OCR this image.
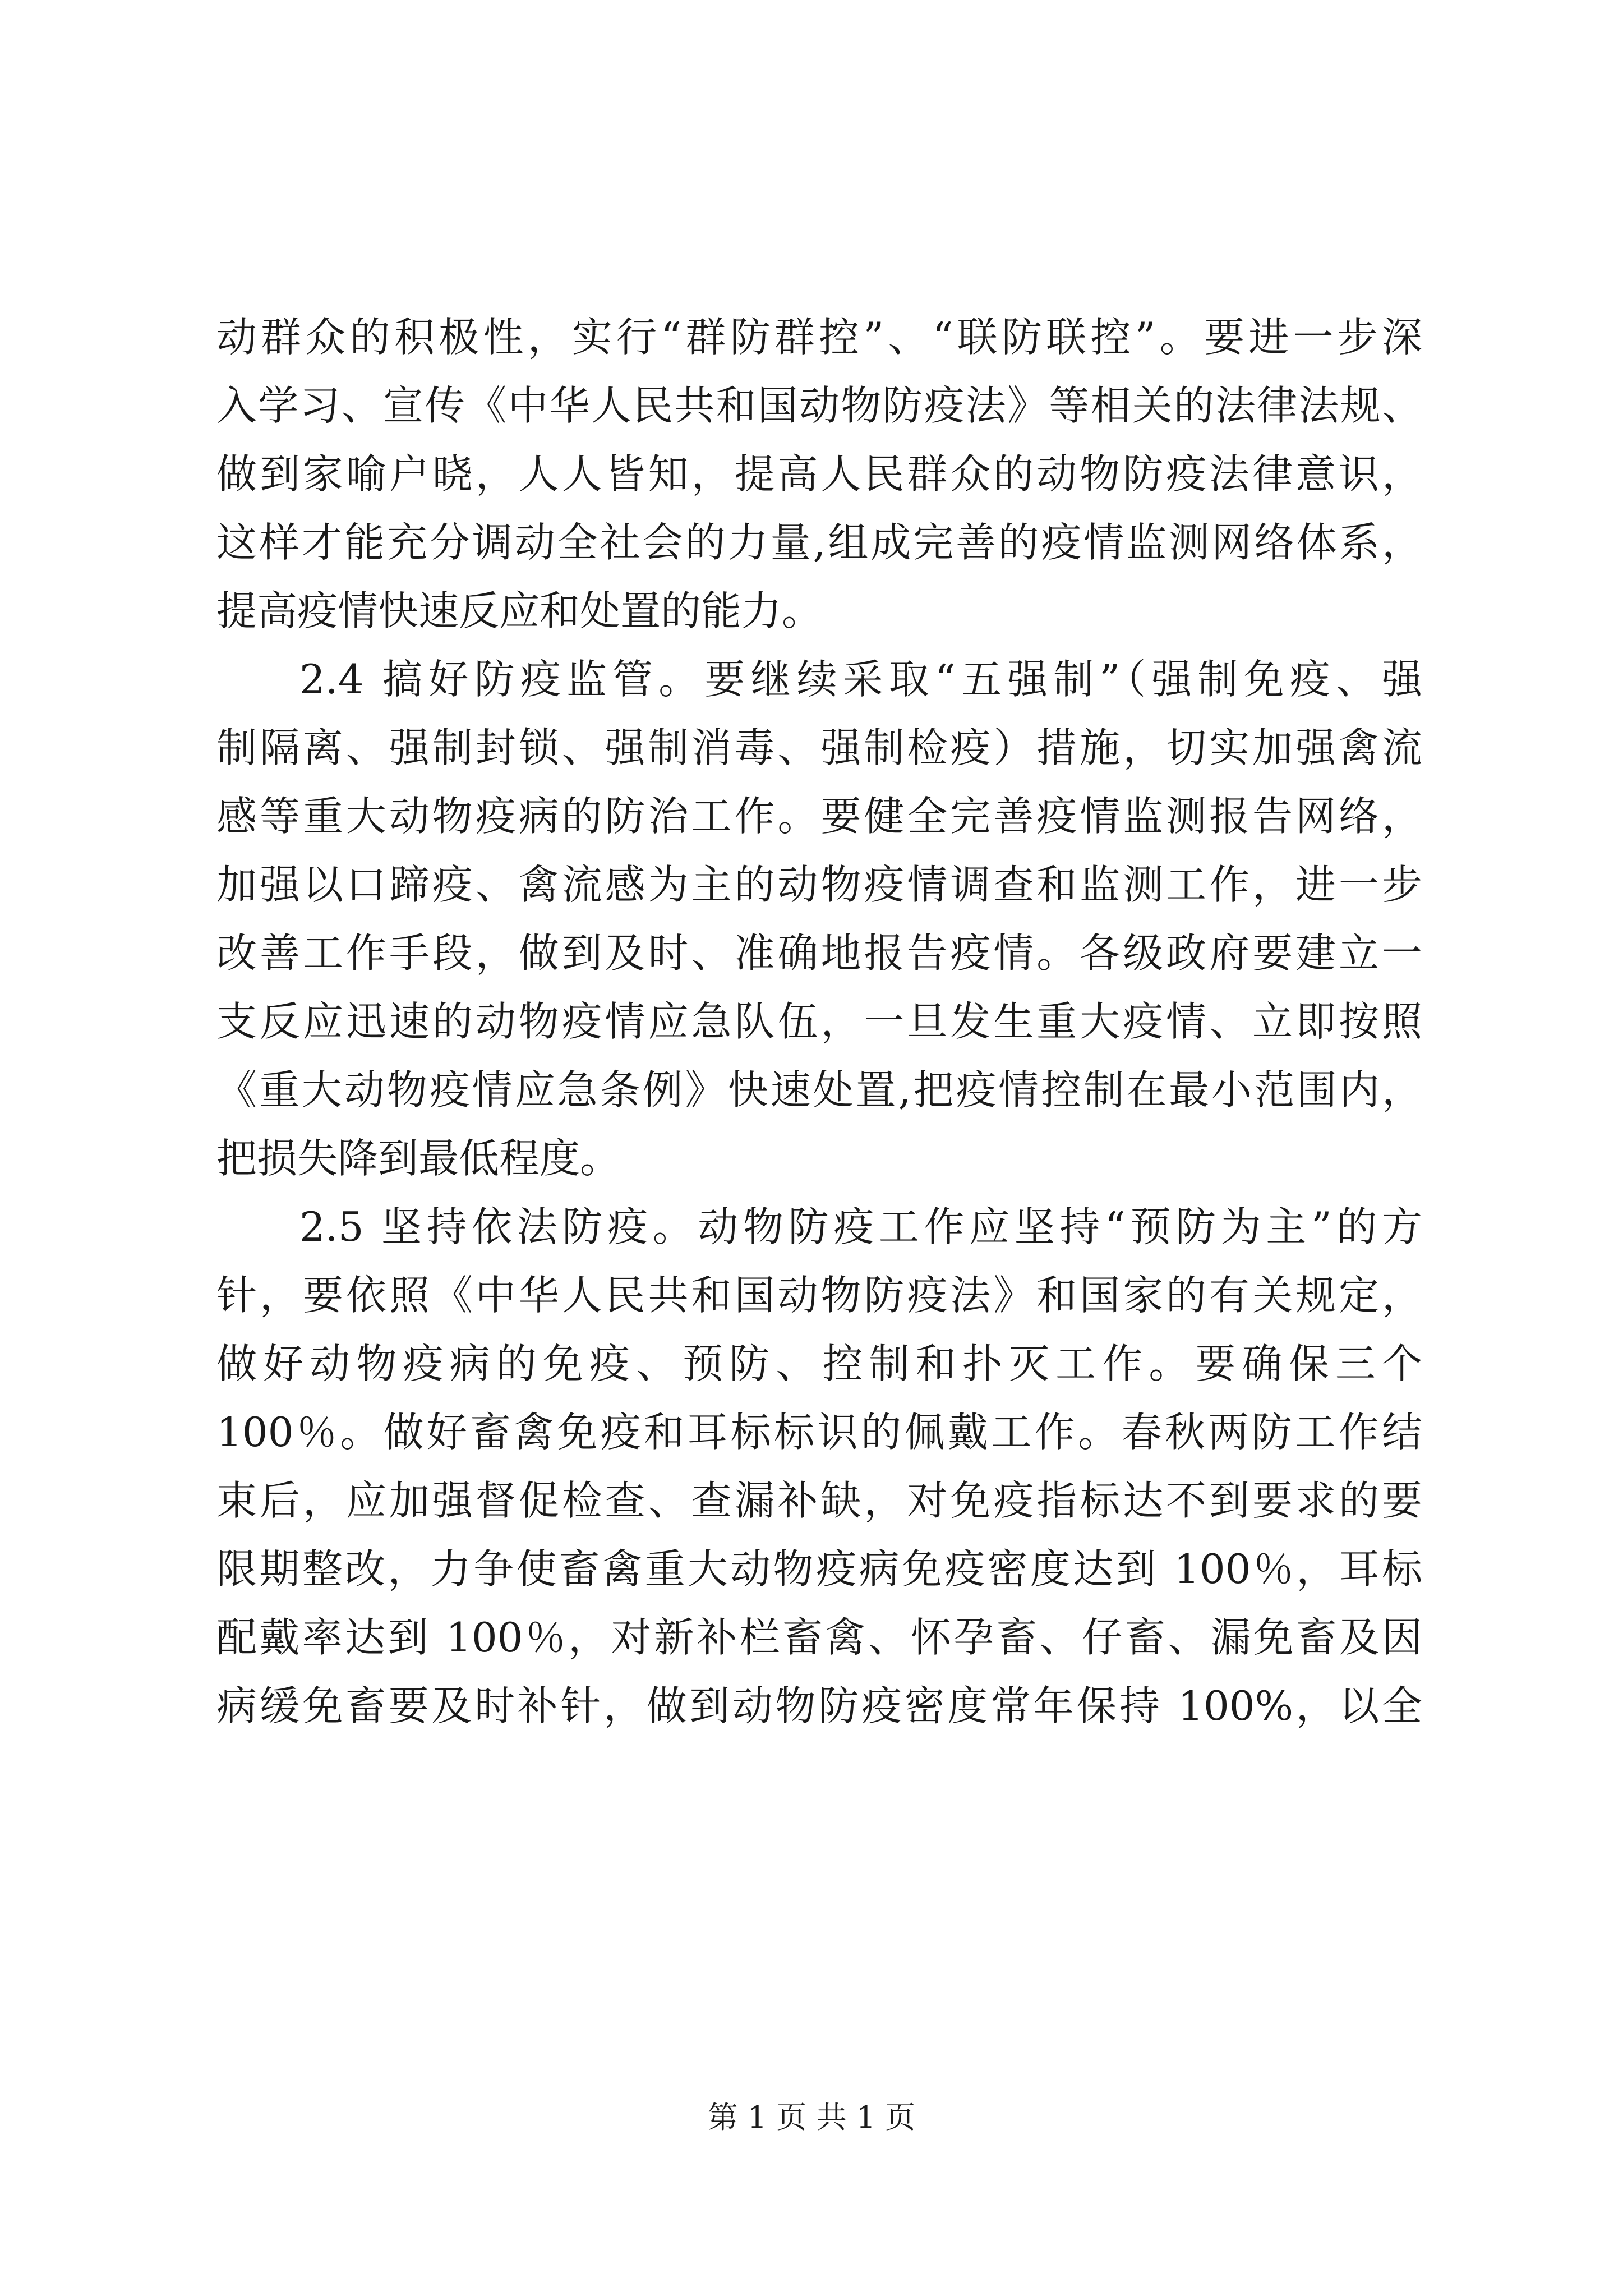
动群众的积极性，实行“群防群控”、“联防联控”。要进一步深
入学习、宣传《中华人民共和国动物防疫法》等相关的法律法规、
做到家喻户晓，人人皆知，提高人民群众的动物防疫法律意识，
这样才能充分调动全社会的力量,组成完善的疫情监测网络体系，
提高疫情快速反应和处置的能力。
2.4 搞好防疫监管。要继续采取“五强制”（强制免疫、强
制隔离、强制封锁、强制消毒、强制检疫）措施，切实加强禽流
感等重大动物疫病的防治工作。要健全完善疫情监测报告网络，
加强以口蹄疫、禽流感为主的动物疫情调查和监测工作，进一步
改善工作手段，做到及时、准确地报告疫情。各级政府要建立一
支反应迅速的动物疫情应急队伍，一旦发生重大疫情、立即按照
《重大动物疫情应急条例》快速处置,把疫情控制在最小范围内，
把损失降到最低程度。
2.5 坚持依法防疫。动物防疫工作应坚持“预防为主”的方
针，要依照《中华人民共和国动物防疫法》和国家的有关规定，
做好动物疫病的免疫、预防、控制和扑灭工作。要确保三个
100％。做好畜禽免疫和耳标标识的佩戴工作。春秋两防工作结
束后，应加强督促检查、查漏补缺，对免疫指标达不到要求的要
限期整改，力争使畜禽重大动物疫病免疫密度达到 100％，耳标
配戴率达到 100％，对新补栏畜禽、怀孕畜、仔畜、漏免畜及因
病缓免畜要及时补针，做到动物防疫密度常年保持 100%，以全
第 1 页 共 1 页
